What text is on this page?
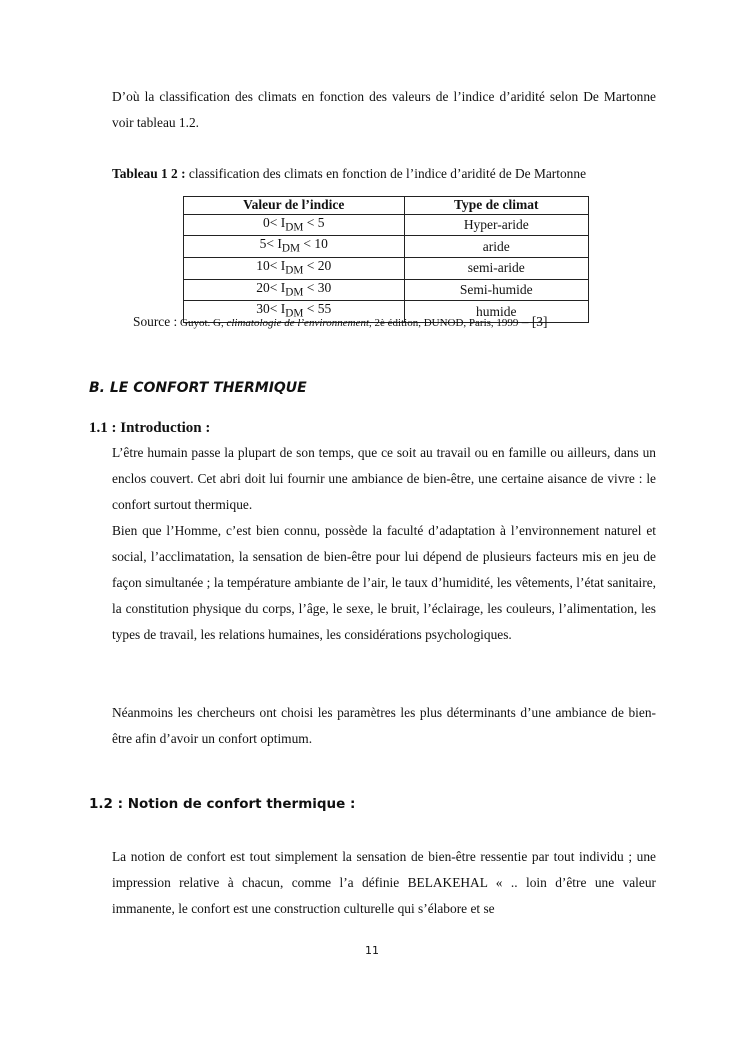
D’où la classification des climats en fonction des valeurs de l’indice d’aridité selon De Martonne voir tableau 1.2.

Tableau 1 2 : classification des climats en fonction de l’indice d’aridité de De Martonne
Valeur de l’indice	Type de climat
$0< I_{DM} < 5$	Hyper-aride
$5< I_{DM} < 10$	aride
$10< I_{DM} < 20$	semi-aride
$20< I_{DM} < 30$	Semi-humide
$30< I_{DM} < 55$	humide
Source : Guyot. G, climatologie de l’environnement, 2è édition, DUNOD, Paris, 1999 – [3]
B. LE CONFORT THERMIQUE
1.1 : Introduction :

L’être humain passe la plupart de son temps, que ce soit au travail ou en famille ou ailleurs, dans un enclos couvert. Cet abri doit lui fournir une ambiance de bien-être, une certaine aisance de vivre : le confort surtout thermique.

Bien que l’Homme, c’est bien connu, possède la faculté d’adaptation à l’environnement naturel et social, l’acclimatation, la sensation de bien-être pour lui dépend de plusieurs facteurs mis en jeu de façon simultanée ; la température ambiante de l’air, le taux d’humidité, les vêtements, l’état sanitaire, la constitution physique du corps, l’âge, le sexe, le bruit, l’éclairage, les couleurs, l’alimentation, les types de travail, les relations humaines, les considérations psychologiques.

Néanmoins les chercheurs ont choisi les paramètres les plus déterminants d’une ambiance de bien-être afin d’avoir un confort optimum.

1.2 : Notion de confort thermique :

La notion de confort est tout simplement la sensation de bien-être ressentie par tout individu ; une impression relative à chacun, comme l’a définie BELAKEHAL « .. loin d’être une valeur immanente, le confort est une construction culturelle qui s’élabore et se

11
